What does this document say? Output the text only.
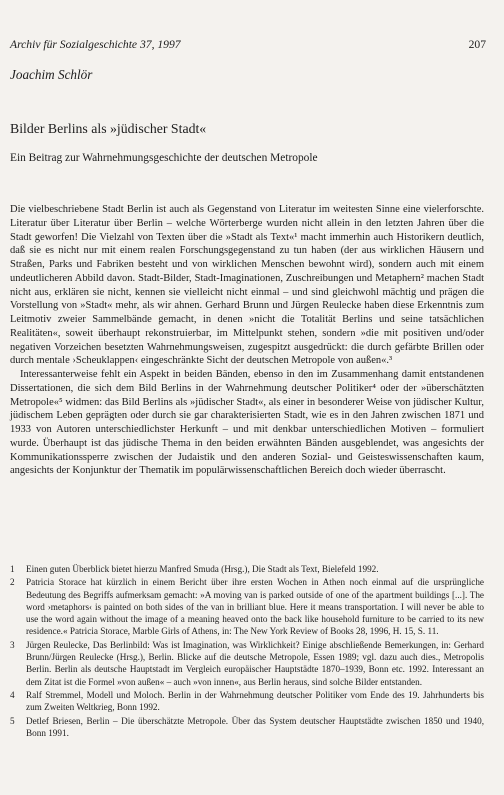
Archiv für Sozialgeschichte 37, 1997	207
Joachim Schlör
Bilder Berlins als »jüdischer Stadt«
Ein Beitrag zur Wahrnehmungsgeschichte der deutschen Metropole

Die vielbeschriebene Stadt Berlin ist auch als Gegenstand von Literatur im weitesten Sinne eine vielerforschte. Literatur über Literatur über Berlin – welche Wörterberge wurden nicht allein in den letzten Jahren über die Stadt geworfen! Die Vielzahl von Texten über die »Stadt als Text«¹ macht immerhin auch Historikern deutlich, daß sie es nicht nur mit einem realen Forschungsgegenstand zu tun haben (der aus wirklichen Häusern und Straßen, Parks und Fabriken besteht und von wirklichen Menschen bewohnt wird), sondern auch mit einem undeutlicheren Abbild davon. Stadt-Bilder, Stadt-Imaginationen, Zuschreibungen und Metaphern² machen Stadt nicht aus, erklären sie nicht, kennen sie vielleicht nicht einmal – und sind gleichwohl mächtig und prägen die Vorstellung von »Stadt« mehr, als wir ahnen. Gerhard Brunn und Jürgen Reulecke haben diese Erkenntnis zum Leitmotiv zweier Sammelbände gemacht, in denen »nicht die Totalität Berlins und seine tatsächlichen Realitäten«, soweit überhaupt rekonstruierbar, im Mittelpunkt stehen, sondern »die mit positiven und/oder negativen Vorzeichen besetzten Wahrnehmungsweisen, zugespitzt ausgedrückt: die durch gefärbte Brillen oder durch mentale ›Scheuklappen‹ eingeschränkte Sicht der deutschen Metropole von außen«.³

Interessanterweise fehlt ein Aspekt in beiden Bänden, ebenso in den im Zusammenhang damit entstandenen Dissertationen, die sich dem Bild Berlins in der Wahrnehmung deutscher Politiker⁴ oder der »überschätzten Metropole«⁵ widmen: das Bild Berlins als »jüdischer Stadt«, als einer in besonderer Weise von jüdischer Kultur, jüdischem Leben geprägten oder durch sie gar charakterisierten Stadt, wie es in den Jahren zwischen 1871 und 1933 von Autoren unterschiedlichster Herkunft – und mit denkbar unterschiedlichen Motiven – formuliert wurde. Überhaupt ist das jüdische Thema in den beiden erwähnten Bänden ausgeblendet, was angesichts der Kommunikationssperre zwischen der Judaistik und den anderen Sozial- und Geisteswissenschaften kaum, angesichts der Konjunktur der Thematik im populärwissenschaftlichen Bereich doch wieder überrascht.

1 Einen guten Überblick bietet hierzu Manfred Smuda (Hrsg.), Die Stadt als Text, Bielefeld 1992.
2 Patricia Storace hat kürzlich in einem Bericht über ihre ersten Wochen in Athen noch einmal auf die ursprüngliche Bedeutung des Begriffs aufmerksam gemacht: »A moving van is parked outside of one of the apartment buildings [...]. The word ›metaphors‹ is painted on both sides of the van in brilliant blue. Here it means transportation. I will never be able to use the word again without the image of a meaning heaved onto the back like household furniture to be carried to its new residence.« Patricia Storace, Marble Girls of Athens, in: The New York Review of Books 28, 1996, H. 15, S. 11.
3 Jürgen Reulecke, Das Berlinbild: Was ist Imagination, was Wirklichkeit? Einige abschließende Bemerkungen, in: Gerhard Brunn/Jürgen Reulecke (Hrsg.), Berlin. Blicke auf die deutsche Metropole, Essen 1989; vgl. dazu auch dies., Metropolis Berlin. Berlin als deutsche Hauptstadt im Vergleich europäischer Hauptstädte 1870–1939, Bonn etc. 1992. Interessant an dem Zitat ist die Formel »von außen« – auch »von innen«, aus Berlin heraus, sind solche Bilder entstanden.
4 Ralf Stremmel, Modell und Moloch. Berlin in der Wahrnehmung deutscher Politiker vom Ende des 19. Jahrhunderts bis zum Zweiten Weltkrieg, Bonn 1992.
5 Detlef Briesen, Berlin – Die überschätzte Metropole. Über das System deutscher Hauptstädte zwischen 1850 und 1940, Bonn 1991.
